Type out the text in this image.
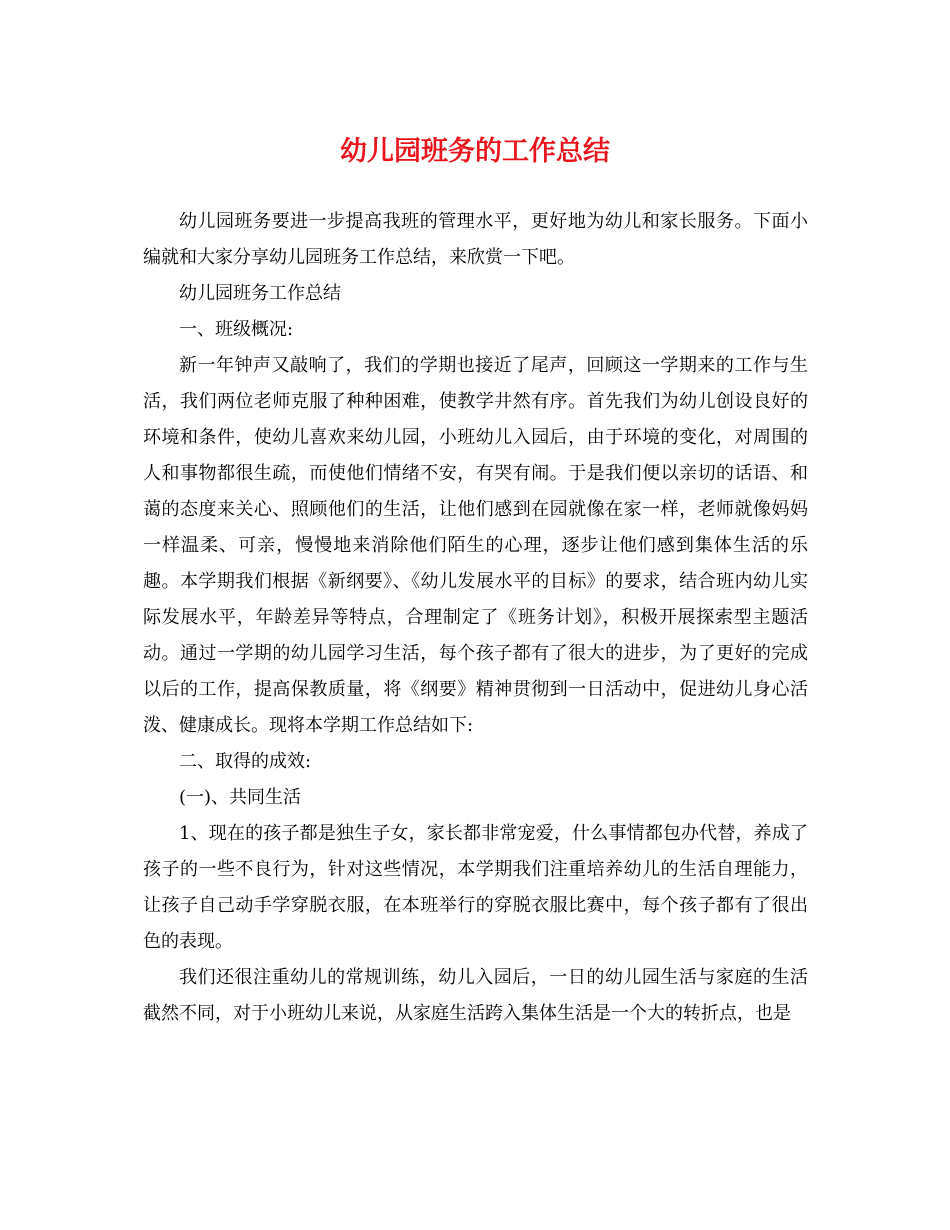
幼儿园班务的工作总结

幼儿园班务要进一步提高我班的管理水平，更好地为幼儿和家长服务。下面小编就和大家分享幼儿园班务工作总结，来欣赏一下吧。

幼儿园班务工作总结

一、班级概况:

新一年钟声又敲响了，我们的学期也接近了尾声，回顾这一学期来的工作与生活，我们两位老师克服了种种困难，使教学井然有序。首先我们为幼儿创设良好的环境和条件，使幼儿喜欢来幼儿园，小班幼儿入园后，由于环境的变化，对周围的人和事物都很生疏，而使他们情绪不安，有哭有闹。于是我们便以亲切的话语、和蔼的态度来关心、照顾他们的生活，让他们感到在园就像在家一样，老师就像妈妈一样温柔、可亲，慢慢地来消除他们陌生的心理，逐步让他们感到集体生活的乐趣。本学期我们根据《新纲要》、《幼儿发展水平的目标》的要求，结合班内幼儿实际发展水平，年龄差异等特点，合理制定了《班务计划》，积极开展探索型主题活动。通过一学期的幼儿园学习生活，每个孩子都有了很大的进步，为了更好的完成以后的工作，提高保教质量，将《纲要》精神贯彻到一日活动中，促进幼儿身心活泼、健康成长。现将本学期工作总结如下:

二、取得的成效:

(一)、共同生活

1、现在的孩子都是独生子女，家长都非常宠爱，什么事情都包办代替，养成了孩子的一些不良行为，针对这些情况，本学期我们注重培养幼儿的生活自理能力，让孩子自己动手学穿脱衣服，在本班举行的穿脱衣服比赛中，每个孩子都有了很出色的表现。

我们还很注重幼儿的常规训练，幼儿入园后，一日的幼儿园生活与家庭的生活截然不同，对于小班幼儿来说，从家庭生活跨入集体生活是一个大的转折点，也是
